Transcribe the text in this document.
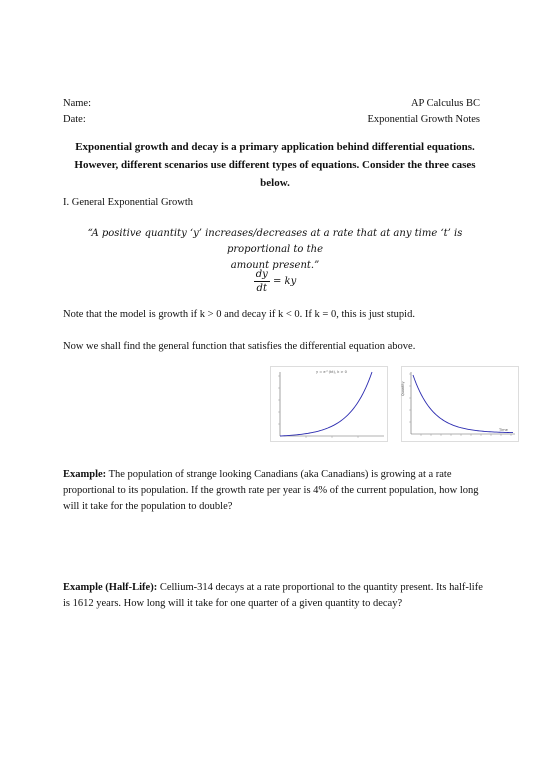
Name:
Date:
AP Calculus BC
Exponential Growth Notes
Exponential growth and decay is a primary application behind differential equations.
However, different scenarios use different types of equations. Consider the three cases
below.
I. General Exponential Growth
“A positive quantity ‘y’ increases/decreases at a rate that at any time ‘t’ is proportional to the
amount present.”
$\frac{dy}{dt}$ = ky
Note that the model is growth if k > 0 and decay if k < 0. If k = 0, this is just stupid.
Now we shall find the general function that satisfies the differential equation above.
y = e^(kt), k > 0
Quantity
Time
Example: The population of strange looking Canadians (aka Canadians) is growing at a rate proportional to its population. If the growth rate per year is 4% of the current population, how long will it take for the population to double?
Example (Half-Life): Cellium-314 decays at a rate proportional to the quantity present. Its half-life is 1612 years. How long will it take for one quarter of a given quantity to decay?
